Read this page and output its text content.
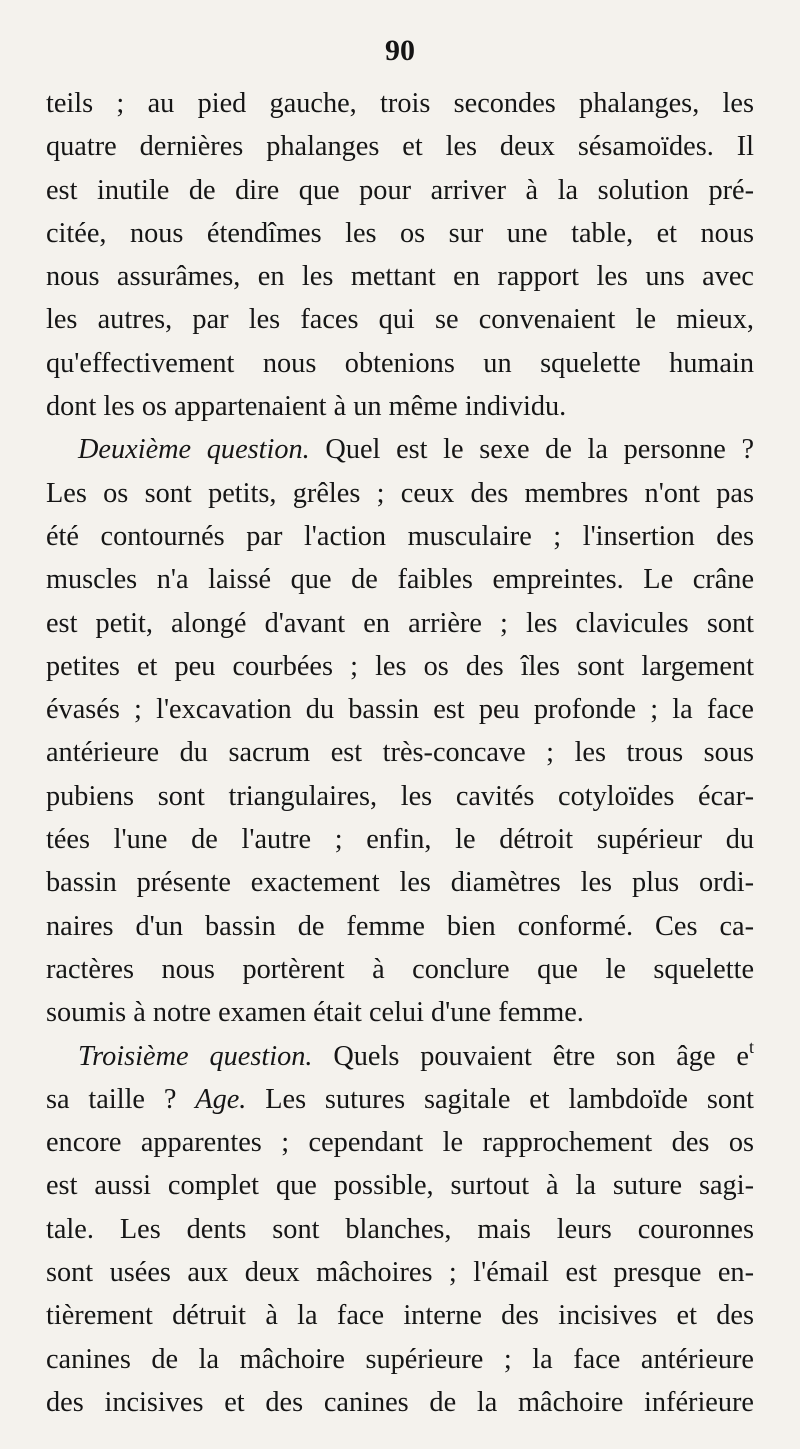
90
teils ; au pied gauche, trois secondes phalanges, les
quatre dernières phalanges et les deux sésamoïdes. Il
est inutile de dire que pour arriver à la solution pré-
citée, nous étendîmes les os sur une table, et nous
nous assurâmes, en les mettant en rapport les uns avec
les autres, par les faces qui se convenaient le mieux,
qu'effectivement nous obtenions un squelette humain
dont les os appartenaient à un même individu.
Deuxième question. Quel est le sexe de la personne ?
Les os sont petits, grêles ; ceux des membres n'ont pas
été contournés par l'action musculaire ; l'insertion des
muscles n'a laissé que de faibles empreintes. Le crâne
est petit, alongé d'avant en arrière ; les clavicules sont
petites et peu courbées ; les os des îles sont largement
évasés ; l'excavation du bassin est peu profonde ; la face
antérieure du sacrum est très-concave ; les trous sous
pubiens sont triangulaires, les cavités cotyloïdes écar-
tées l'une de l'autre ; enfin, le détroit supérieur du
bassin présente exactement les diamètres les plus ordi-
naires d'un bassin de femme bien conformé. Ces ca-
ractères nous portèrent à conclure que le squelette
soumis à notre examen était celui d'une femme.
Troisième question. Quels pouvaient être son âge $e^t$
sa taille ? Age. Les sutures sagitale et lambdoïde sont
encore apparentes ; cependant le rapprochement des os
est aussi complet que possible, surtout à la suture sagi-
tale. Les dents sont blanches, mais leurs couronnes
sont usées aux deux mâchoires ; l'émail est presque en-
tièrement détruit à la face interne des incisives et des
canines de la mâchoire supérieure ; la face antérieure
des incisives et des canines de la mâchoire inférieure
